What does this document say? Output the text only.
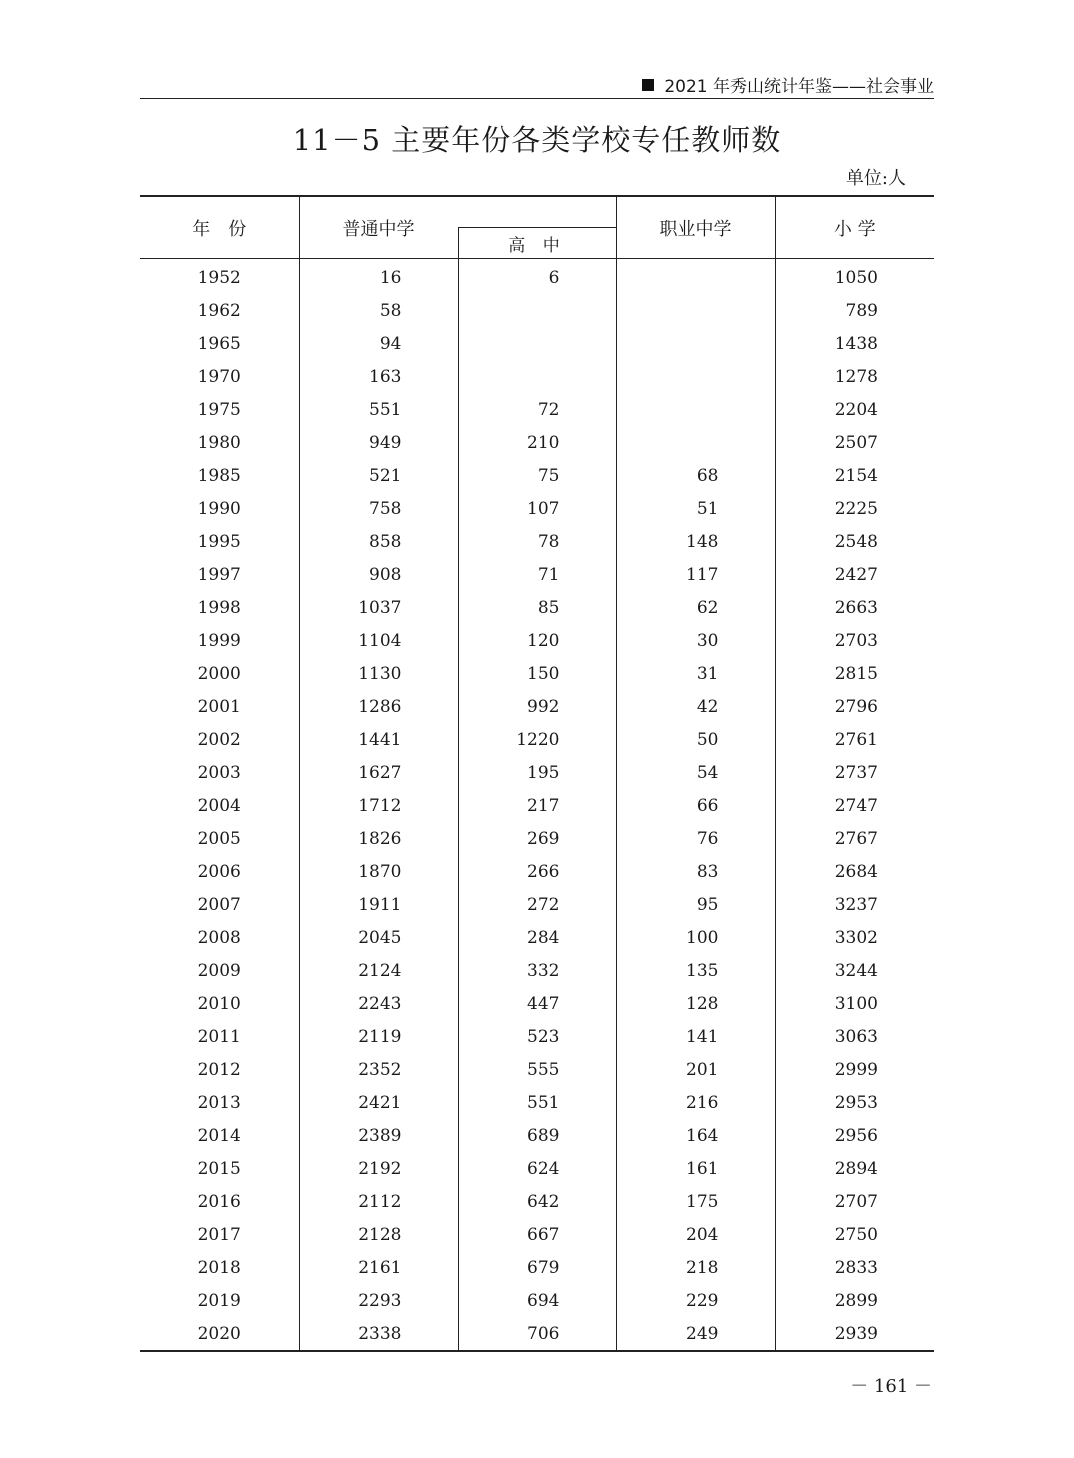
2021 年秀山统计年鉴——社会事业
11－5 主要年份各类学校专任教师数
单位:人
年　份	普通中学		职业中学	小 学
		高 中		
1952	16	6		1050
1962	58			789
1965	94			1438
1970	163			1278
1975	551	72		2204
1980	949	210		2507
1985	521	75	68	2154
1990	758	107	51	2225
1995	858	78	148	2548
1997	908	71	117	2427
1998	1037	85	62	2663
1999	1104	120	30	2703
2000	1130	150	31	2815
2001	1286	992	42	2796
2002	1441	1220	50	2761
2003	1627	195	54	2737
2004	1712	217	66	2747
2005	1826	269	76	2767
2006	1870	266	83	2684
2007	1911	272	95	3237
2008	2045	284	100	3302
2009	2124	332	135	3244
2010	2243	447	128	3100
2011	2119	523	141	3063
2012	2352	555	201	2999
2013	2421	551	216	2953
2014	2389	689	164	2956
2015	2192	624	161	2894
2016	2112	642	175	2707
2017	2128	667	204	2750
2018	2161	679	218	2833
2019	2293	694	229	2899
2020	2338	706	249	2939
－ 161 －
